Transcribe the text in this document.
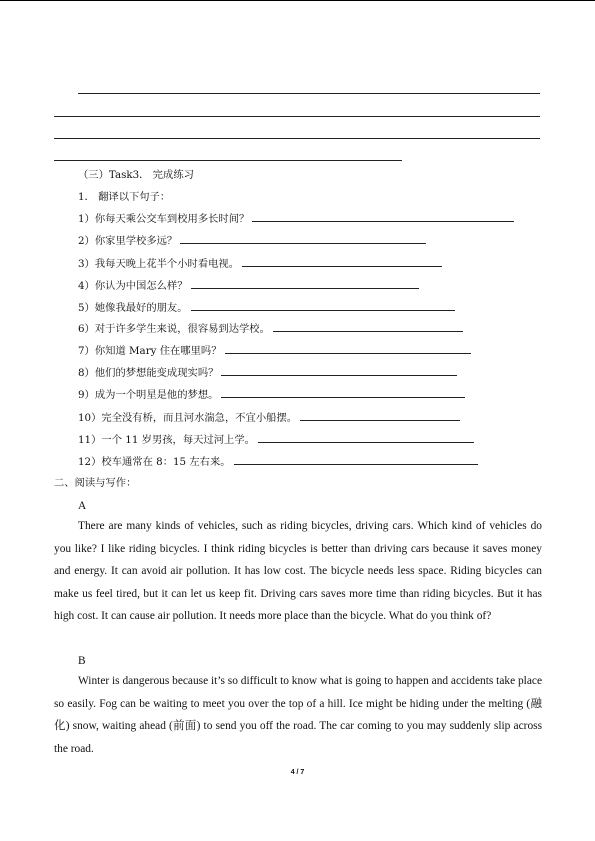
（三）Task3． 完成练习
1． 翻译以下句子：
1）你每天乘公交车到校用多长时间？
2）你家里学校多远？
3）我每天晚上花半个小时看电视。
4）你认为中国怎么样？
5）她像我最好的朋友。
6）对于许多学生来说，很容易到达学校。
7）你知道 Mary 住在哪里吗？
8）他们的梦想能变成现实吗？
9）成为一个明星是他的梦想。
10）完全没有桥，而且河水湍急，不宜小船摆。
11）一个 11 岁男孩，每天过河上学。
12）校车通常在 8：15 左右来。
二、阅读与写作：
A
There are many kinds of vehicles, such as riding bicycles, driving cars. Which kind of vehicles do you like? I like riding bicycles. I think riding bicycles is better than driving cars because it saves money and energy. It can avoid air pollution. It has low cost. The bicycle needs less space. Riding bicycles can make us feel tired, but it can let us keep fit. Driving cars saves more time than riding bicycles. But it has high cost. It can cause air pollution. It needs more place than the bicycle. What do you think of?
B
Winter is dangerous because it’s so difficult to know what is going to happen and accidents take place so easily. Fog can be waiting to meet you over the top of a hill. Ice might be hiding under the melting (融化) snow, waiting ahead (前面) to send you off the road. The car coming to you may suddenly slip across the road.
4 / 7
